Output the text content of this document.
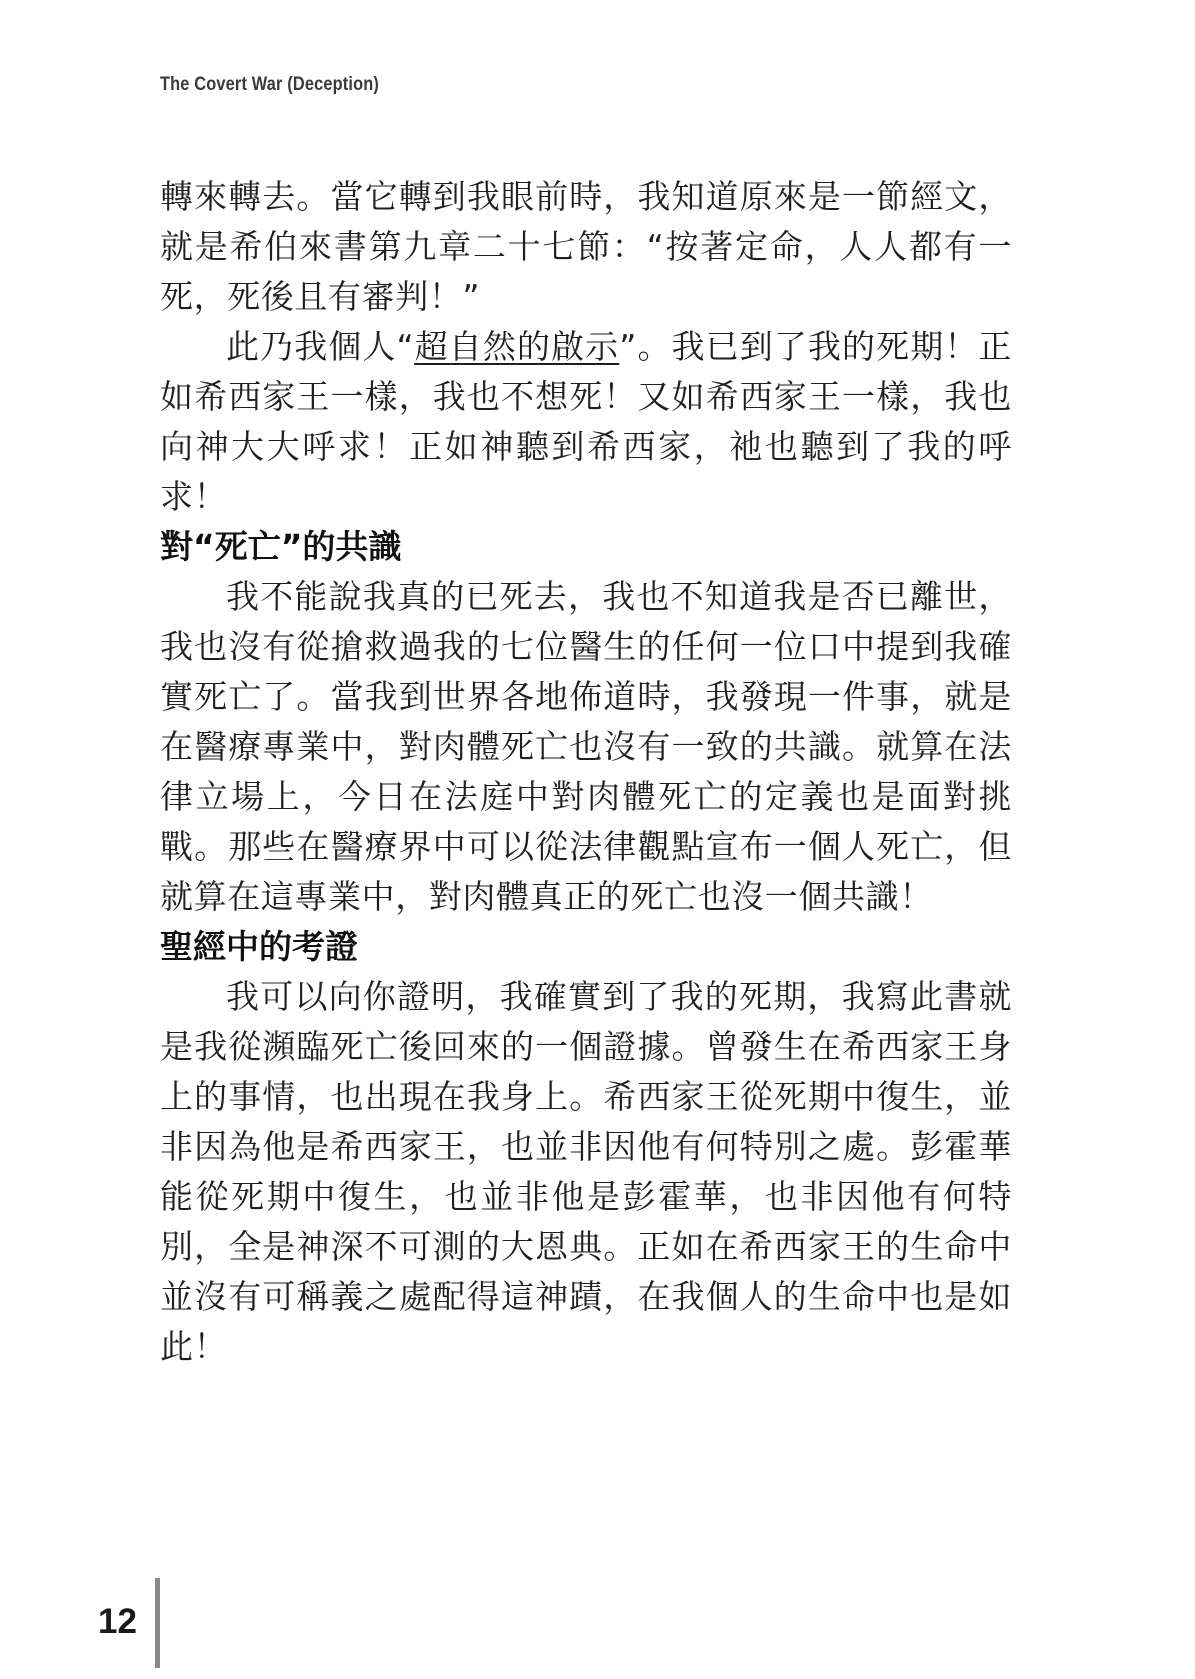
The Covert War (Deception)

轉來轉去。當它轉到我眼前時，我知道原來是一節經文，就是希伯來書第九章二十七節：“按著定命，人人都有一死，死後且有審判！”

此乃我個人“超自然的啟示”。我已到了我的死期！正如希西家王一樣，我也不想死！又如希西家王一樣，我也向神大大呼求！正如神聽到希西家，祂也聽到了我的呼求！

對“死亡”的共識

我不能說我真的已死去，我也不知道我是否已離世，我也沒有從搶救過我的七位醫生的任何一位口中提到我確實死亡了。當我到世界各地佈道時，我發現一件事，就是在醫療專業中，對肉體死亡也沒有一致的共識。就算在法律立場上，今日在法庭中對肉體死亡的定義也是面對挑戰。那些在醫療界中可以從法律觀點宣布一個人死亡，但就算在這專業中，對肉體真正的死亡也沒一個共識！

聖經中的考證

我可以向你證明，我確實到了我的死期，我寫此書就是我從瀕臨死亡後回來的一個證據。曾發生在希西家王身上的事情，也出現在我身上。希西家王從死期中復生，並非因為他是希西家王，也並非因他有何特別之處。彭霍華能從死期中復生，也並非他是彭霍華，也非因他有何特別，全是神深不可測的大恩典。正如在希西家王的生命中並沒有可稱義之處配得這神蹟，在我個人的生命中也是如此！

12
